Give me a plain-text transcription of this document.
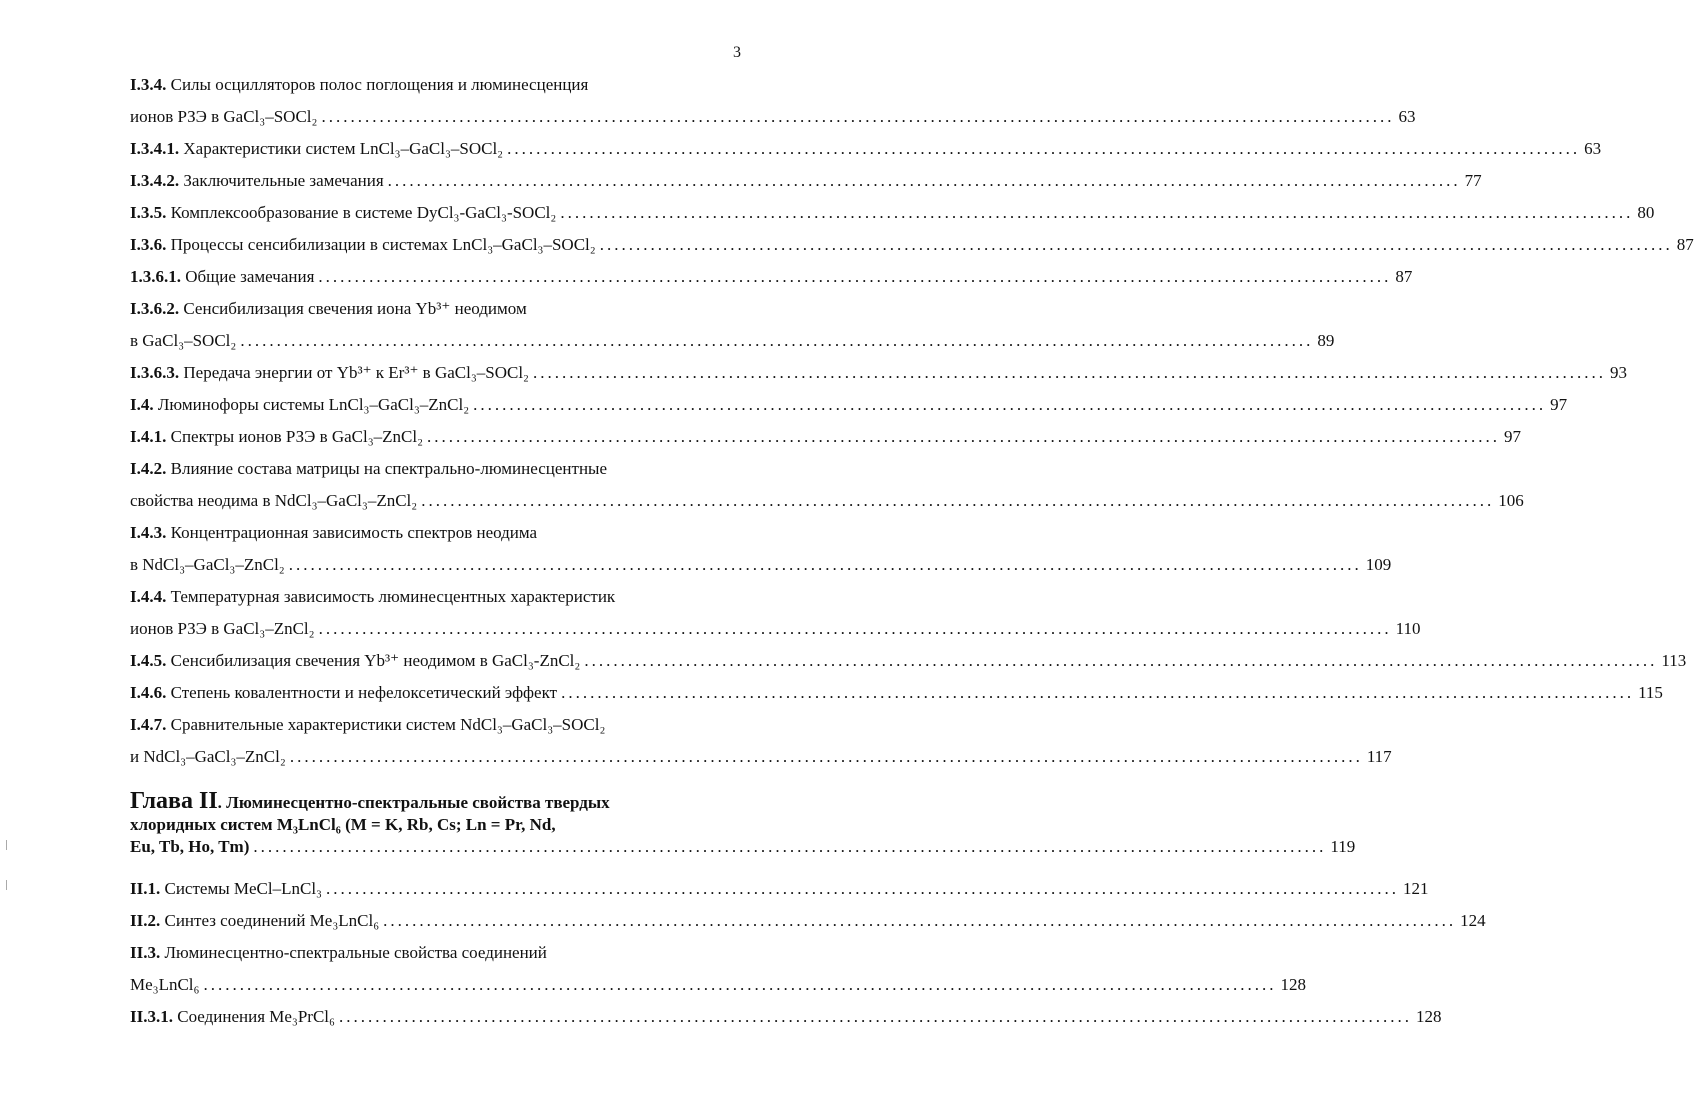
3
I.3.4. Силы осцилляторов полос поглощения и люминесценция
ионов РЗЭ в GaCl₃–SOCl₂ .................................................................................................................................................... 63
I.3.4.1. Характеристики систем LnCl₃–GaCl₃–SOCl₂ .................................................................................................................................................... 63
I.3.4.2. Заключительные замечания .................................................................................................................................................... 77
I.3.5. Комплексообразование в системе DyCl₃-GaCl₃-SOCl₂ .................................................................................................................................................... 80
I.3.6. Процессы сенсибилизации в системах LnCl₃–GaCl₃–SOCl₂ .................................................................................................................................................... 87
1.3.6.1. Общие замечания .................................................................................................................................................... 87
I.3.6.2. Сенсибилизация свечения иона Yb³⁺ неодимом
в GaCl₃–SOCl₂ .................................................................................................................................................... 89
I.3.6.3. Передача энергии от Yb³⁺ к Er³⁺ в GaCl₃–SOCl₂ .................................................................................................................................................... 93
I.4. Люминофоры системы LnCl₃–GaCl₃–ZnCl₂ .................................................................................................................................................... 97
I.4.1. Спектры ионов РЗЭ в GaCl₃–ZnCl₂ .................................................................................................................................................... 97
I.4.2. Влияние состава матрицы на спектрально-люминесцентные
свойства неодима в NdCl₃–GaCl₃–ZnCl₂ .................................................................................................................................................... 106
I.4.3. Концентрационная зависимость спектров неодима
в NdCl₃–GaCl₃–ZnCl₂ .................................................................................................................................................... 109
I.4.4. Температурная зависимость люминесцентных характеристик
ионов РЗЭ в GaCl₃–ZnCl₂ .................................................................................................................................................... 110
I.4.5. Сенсибилизация свечения Yb³⁺ неодимом в GaCl₃-ZnCl₂ .................................................................................................................................................... 113
I.4.6. Степень ковалентности и нефелоксетический эффект .................................................................................................................................................... 115
I.4.7. Сравнительные характеристики систем NdCl₃–GaCl₃–SOCl₂
и NdCl₃–GaCl₃–ZnCl₂ .................................................................................................................................................... 117
Глава II. Люминесцентно-спектральные свойства твердых
хлоридных систем M₃LnCl₆ (M = K, Rb, Cs; Ln = Pr, Nd,
Eu, Tb, Ho, Tm) .................................................................................................................................................... 119
II.1. Системы MeCl–LnCl₃ .................................................................................................................................................... 121
II.2. Синтез соединений Me₃LnCl₆ .................................................................................................................................................... 124
II.3. Люминесцентно-спектральные свойства соединений
Me₃LnCl₆ .................................................................................................................................................... 128
II.3.1. Соединения Me₃PrCl₆ .................................................................................................................................................... 128
